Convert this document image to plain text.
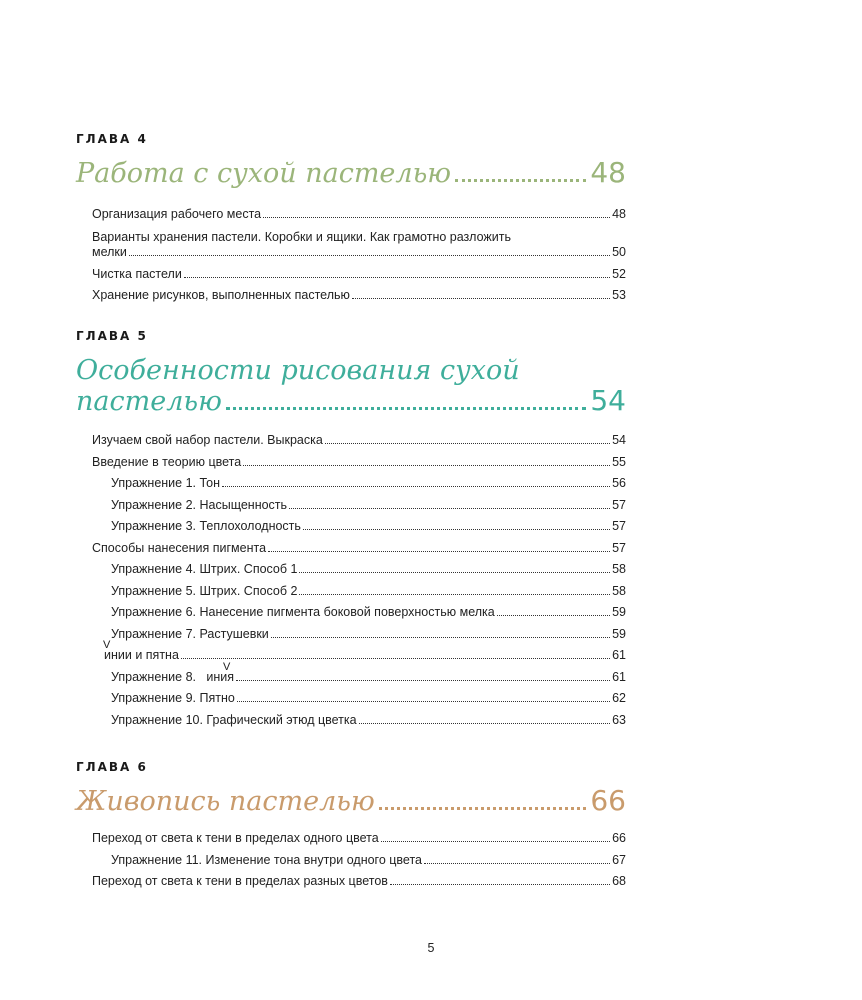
ГЛАВА 4
Работа с сухой пастелью	48
Организация рабочего места	48
Варианты хранения пастели. Коробки и ящики. Как грамотно разложить
мелки	50
Чистка пастели	52
Хранение рисунков, выполненных пастелью	53
ГЛАВА 5
Особенности рисования сухой
пастелью	54
Изучаем свой набор пастели. Выкраска	54
Введение в теорию цвета	55
Упражнение 1. Тон	56
Упражнение 2. Насыщенность	57
Упражнение 3. Теплохолодность	57
Способы нанесения пигмента	57
Упражнение 4. Штрих. Способ 1	58
Упражнение 5. Штрих. Способ 2	58
Упражнение 6. Нанесение пигмента боковой поверхностью мелка	59
Упражнение 7. Растушевки	59
V
инии и пятна	61
V
Упражнение 8.   иния	61
Упражнение 9. Пятно	62
Упражнение 10. Графический этюд цветка	63
ГЛАВА 6
Живопись пастелью	66
Переход от света к тени в пределах одного цвета	66
Упражнение 11. Изменение тона внутри одного цвета	67
Переход от света к тени в пределах разных цветов	68
5
